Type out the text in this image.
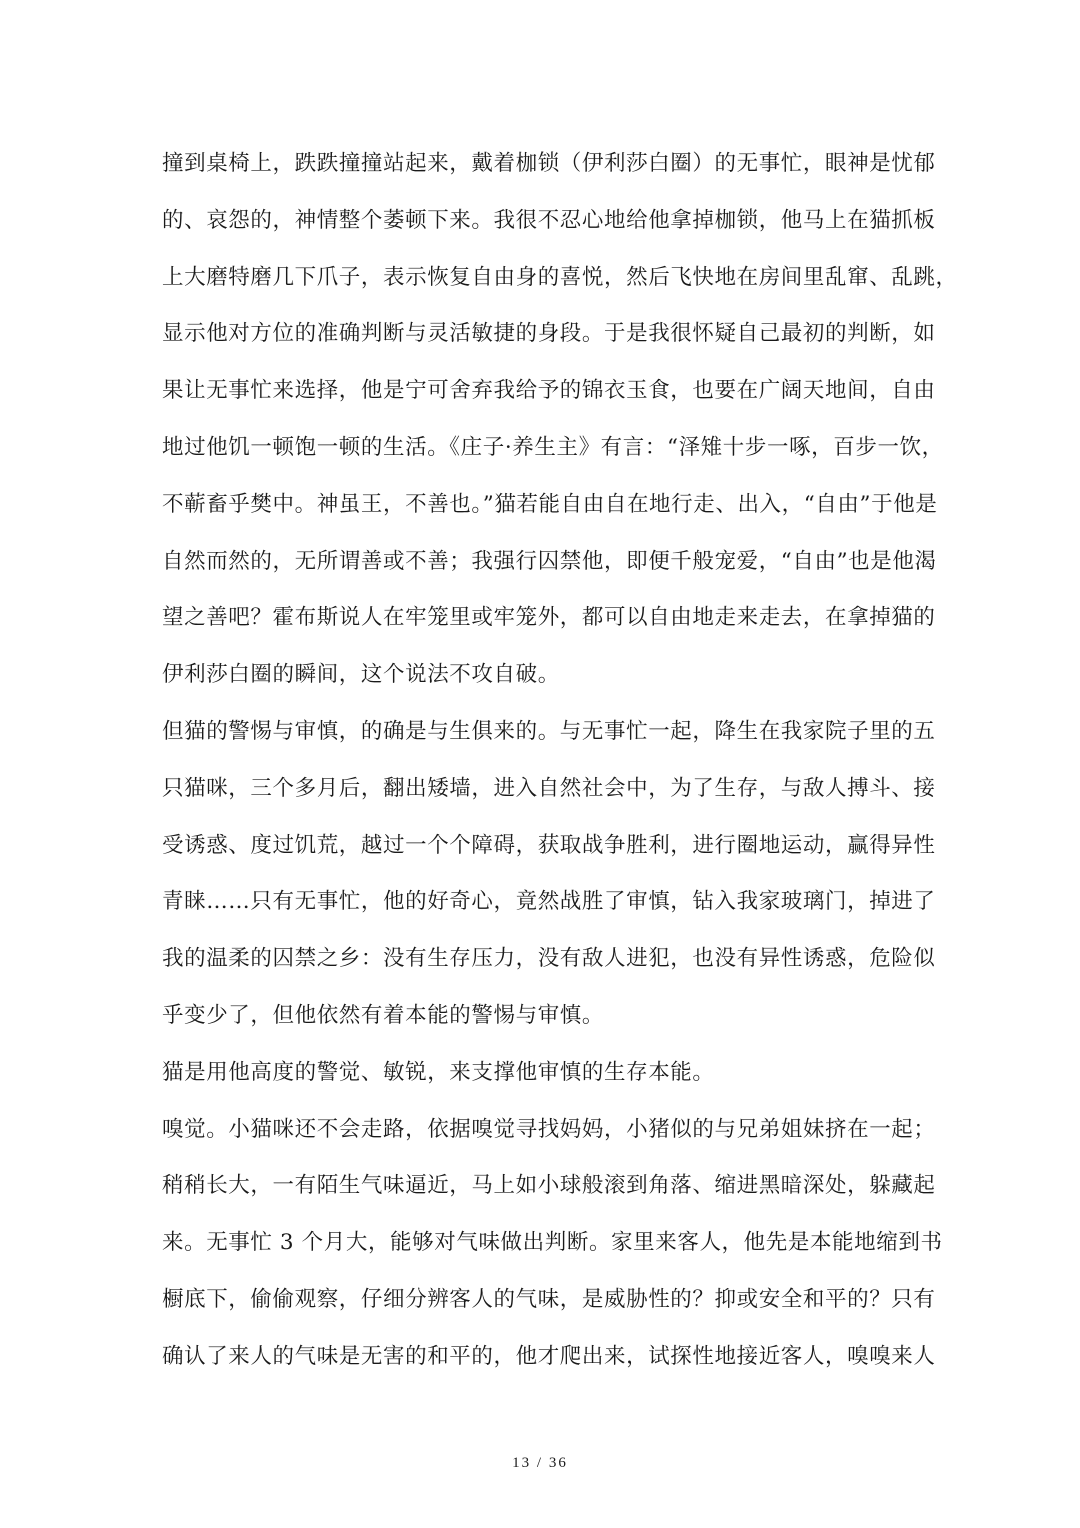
撞到桌椅上，跌跌撞撞站起来，戴着枷锁（伊利莎白圈）的无事忙，眼神是忧郁
的、哀怨的，神情整个萎顿下来。我很不忍心地给他拿掉枷锁，他马上在猫抓板
上大磨特磨几下爪子，表示恢复自由身的喜悦，然后飞快地在房间里乱窜、乱跳，
显示他对方位的准确判断与灵活敏捷的身段。于是我很怀疑自己最初的判断，如
果让无事忙来选择，他是宁可舍弃我给予的锦衣玉食，也要在广阔天地间，自由
地过他饥一顿饱一顿的生活。《庄子·养生主》有言：“泽雉十步一啄，百步一饮，
不蕲畜乎樊中。神虽王，不善也。”猫若能自由自在地行走、出入，“自由”于他是
自然而然的，无所谓善或不善；我强行囚禁他，即便千般宠爱，“自由”也是他渴
望之善吧？霍布斯说人在牢笼里或牢笼外，都可以自由地走来走去，在拿掉猫的
伊利莎白圈的瞬间，这个说法不攻自破。
但猫的警惕与审慎，的确是与生俱来的。与无事忙一起，降生在我家院子里的五
只猫咪，三个多月后，翻出矮墙，进入自然社会中，为了生存，与敌人搏斗、接
受诱惑、度过饥荒，越过一个个障碍，获取战争胜利，进行圈地运动，赢得异性
青睐……只有无事忙，他的好奇心，竟然战胜了审慎，钻入我家玻璃门，掉进了
我的温柔的囚禁之乡：没有生存压力，没有敌人进犯，也没有异性诱惑，危险似
乎变少了，但他依然有着本能的警惕与审慎。
猫是用他高度的警觉、敏锐，来支撑他审慎的生存本能。
嗅觉。小猫咪还不会走路，依据嗅觉寻找妈妈，小猪似的与兄弟姐妹挤在一起；
稍稍长大，一有陌生气味逼近，马上如小球般滚到角落、缩进黑暗深处，躲藏起
来。无事忙 3 个月大，能够对气味做出判断。家里来客人，他先是本能地缩到书
橱底下，偷偷观察，仔细分辨客人的气味，是威胁性的？抑或安全和平的？只有
确认了来人的气味是无害的和平的，他才爬出来，试探性地接近客人，嗅嗅来人
13 / 36
